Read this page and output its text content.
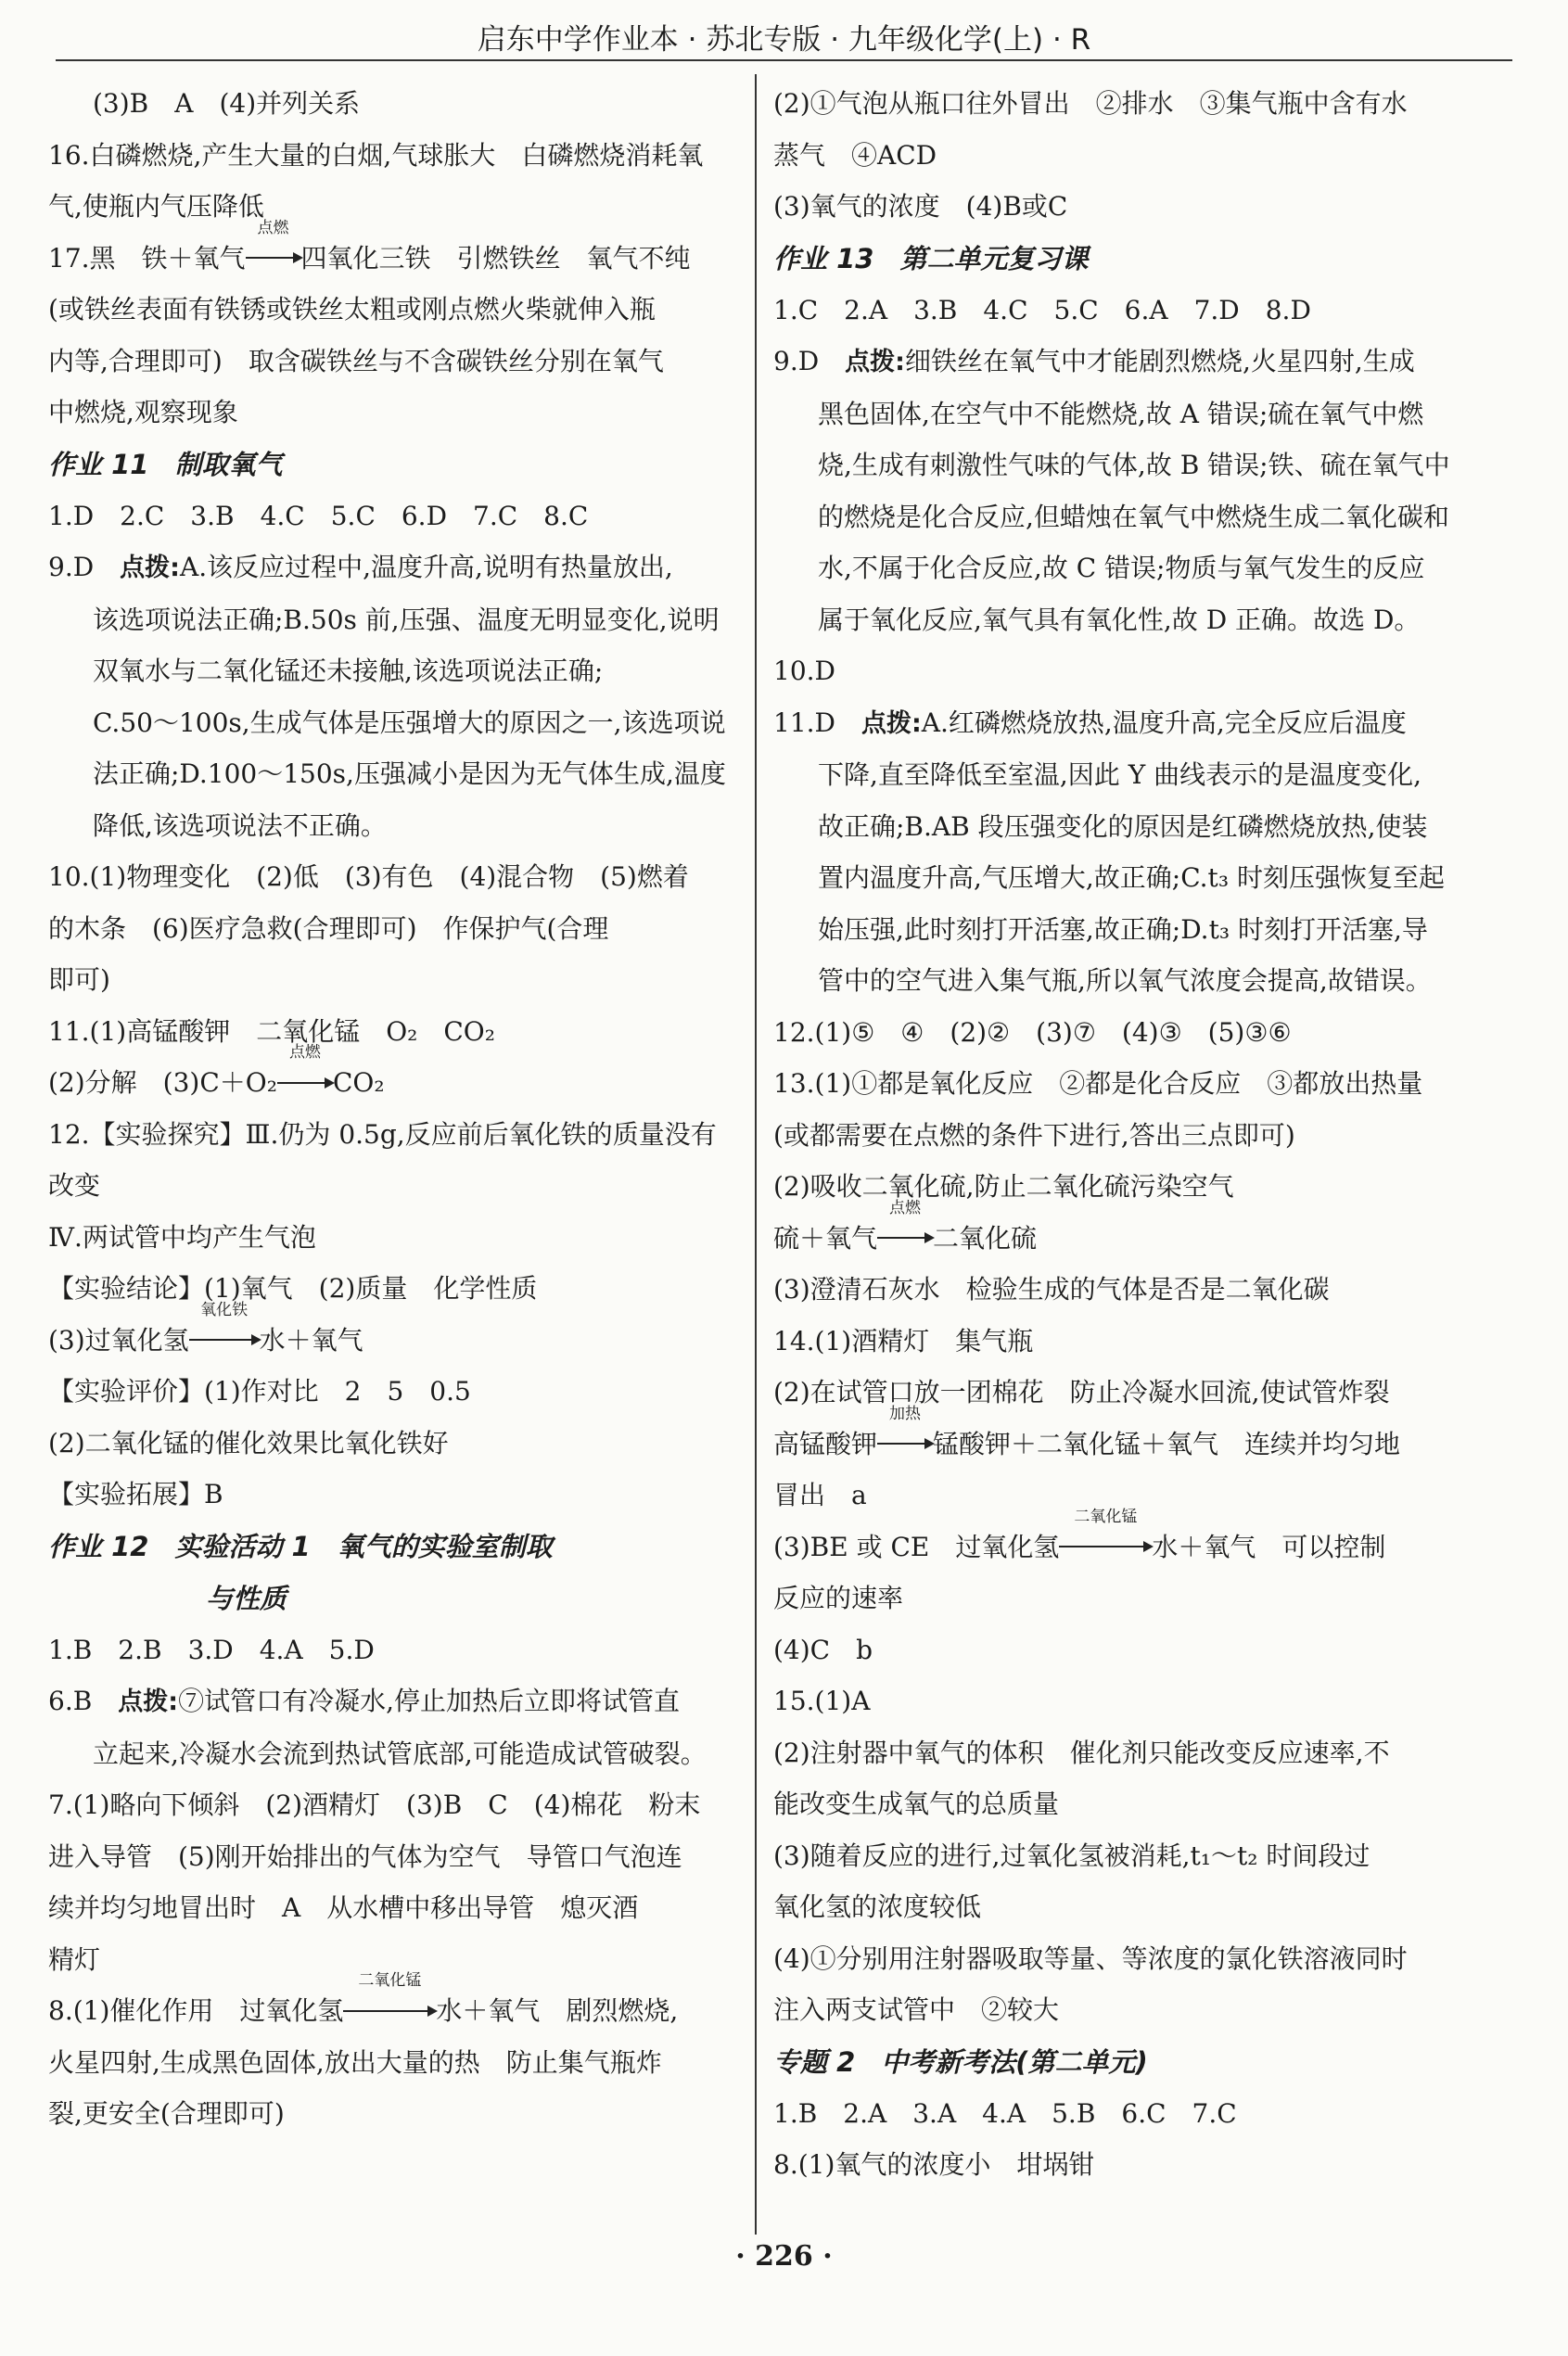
启东中学作业本 · 苏北专版 · 九年级化学(上) · R
(3)B　A　(4)并列关系
16.白磷燃烧,产生大量的白烟,气球胀大　白磷燃烧消耗氧
气,使瓶内气压降低
17.黑　铁＋氧气
点燃
四氧化三铁　引燃铁丝　氧气不纯
(或铁丝表面有铁锈或铁丝太粗或刚点燃火柴就伸入瓶
内等,合理即可)　取含碳铁丝与不含碳铁丝分别在氧气
中燃烧,观察现象
作业 11 制取氧气
1.D　2.C　3.B　4.C　5.C　6.D　7.C　8.C
9.D　点拨:A.该反应过程中,温度升高,说明有热量放出,
该选项说法正确;B.50s 前,压强、温度无明显变化,说明
双氧水与二氧化锰还未接触,该选项说法正确;
C.50～100s,生成气体是压强增大的原因之一,该选项说
法正确;D.100～150s,压强减小是因为无气体生成,温度
降低,该选项说法不正确。
10.(1)物理变化　(2)低　(3)有色　(4)混合物　(5)燃着
的木条　(6)医疗急救(合理即可)　作保护气(合理
即可)
11.(1)高锰酸钾　二氧化锰　O₂　CO₂
(2)分解　(3)C＋O₂
点燃
CO₂
12.【实验探究】Ⅲ.仍为 0.5g,反应前后氧化铁的质量没有
改变
Ⅳ.两试管中均产生气泡
【实验结论】(1)氧气　(2)质量　化学性质
(3)过氧化氢
氧化铁
水＋氧气
【实验评价】(1)作对比　2　5　0.5
(2)二氧化锰的催化效果比氧化铁好
【实验拓展】B
作业 12 实验活动 1　氧气的实验室制取
与性质
1.B　2.B　3.D　4.A　5.D
6.B　点拨:⑦试管口有冷凝水,停止加热后立即将试管直
立起来,冷凝水会流到热试管底部,可能造成试管破裂。
7.(1)略向下倾斜　(2)酒精灯　(3)B　C　(4)棉花　粉末
进入导管　(5)刚开始排出的气体为空气　导管口气泡连
续并均匀地冒出时　A　从水槽中移出导管　熄灭酒
精灯
8.(1)催化作用　过氧化氢
二氧化锰
水＋氧气　剧烈燃烧,
火星四射,生成黑色固体,放出大量的热　防止集气瓶炸
裂,更安全(合理即可)
(2)①气泡从瓶口往外冒出　②排水　③集气瓶中含有水
蒸气　④ACD
(3)氧气的浓度　(4)B或C
作业 13 第二单元复习课
1.C　2.A　3.B　4.C　5.C　6.A　7.D　8.D
9.D　点拨:细铁丝在氧气中才能剧烈燃烧,火星四射,生成
黑色固体,在空气中不能燃烧,故 A 错误;硫在氧气中燃
烧,生成有刺激性气味的气体,故 B 错误;铁、硫在氧气中
的燃烧是化合反应,但蜡烛在氧气中燃烧生成二氧化碳和
水,不属于化合反应,故 C 错误;物质与氧气发生的反应
属于氧化反应,氧气具有氧化性,故 D 正确。故选 D。
10.D
11.D　点拨:A.红磷燃烧放热,温度升高,完全反应后温度
下降,直至降低至室温,因此 Y 曲线表示的是温度变化,
故正确;B.AB 段压强变化的原因是红磷燃烧放热,使装
置内温度升高,气压增大,故正确;C.t₃ 时刻压强恢复至起
始压强,此时刻打开活塞,故正确;D.t₃ 时刻打开活塞,导
管中的空气进入集气瓶,所以氧气浓度会提高,故错误。
12.(1)⑤　④　(2)②　(3)⑦　(4)③　(5)③⑥
13.(1)①都是氧化反应　②都是化合反应　③都放出热量
(或都需要在点燃的条件下进行,答出三点即可)
(2)吸收二氧化硫,防止二氧化硫污染空气
硫＋氧气
点燃
二氧化硫
(3)澄清石灰水　检验生成的气体是否是二氧化碳
14.(1)酒精灯　集气瓶
(2)在试管口放一团棉花　防止冷凝水回流,使试管炸裂
高锰酸钾
加热
锰酸钾＋二氧化锰＋氧气　连续并均匀地
冒出　a
(3)BE 或 CE　过氧化氢
二氧化锰
水＋氧气　可以控制
反应的速率
(4)C　b
15.(1)A
(2)注射器中氧气的体积　催化剂只能改变反应速率,不
能改变生成氧气的总质量
(3)随着反应的进行,过氧化氢被消耗,t₁～t₂ 时间段过
氧化氢的浓度较低
(4)①分别用注射器吸取等量、等浓度的氯化铁溶液同时
注入两支试管中　②较大
专题 2 中考新考法(第二单元)
1.B　2.A　3.A　4.A　5.B　6.C　7.C
8.(1)氧气的浓度小　坩埚钳
· 226 ·
